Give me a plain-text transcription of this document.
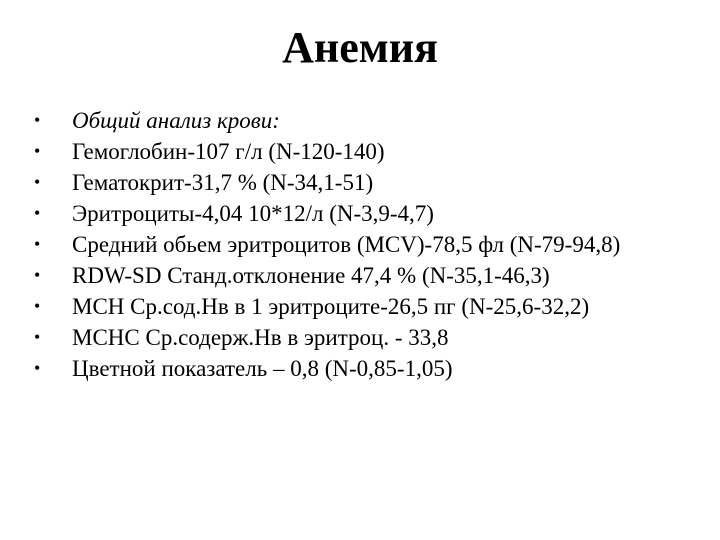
Анемия
•	Общий анализ крови:
•	Гемоглобин-107 г/л (N-120-140)
•	Гематокрит-31,7 % (N-34,1-51)
•	Эритроциты-4,04 10*12/л (N-3,9-4,7)
•	Средний обьем эритроцитов (MCV)-78,5 фл (N-79-94,8)
•	RDW-SD Станд.отклонение 47,4 % (N-35,1-46,3)
•	MCH Ср.сод.Нв в 1 эритроците-26,5 пг (N-25,6-32,2)
•	MCHC Ср.содерж.Нв в эритроц. - 33,8
•	Цветной показатель – 0,8 (N-0,85-1,05)
